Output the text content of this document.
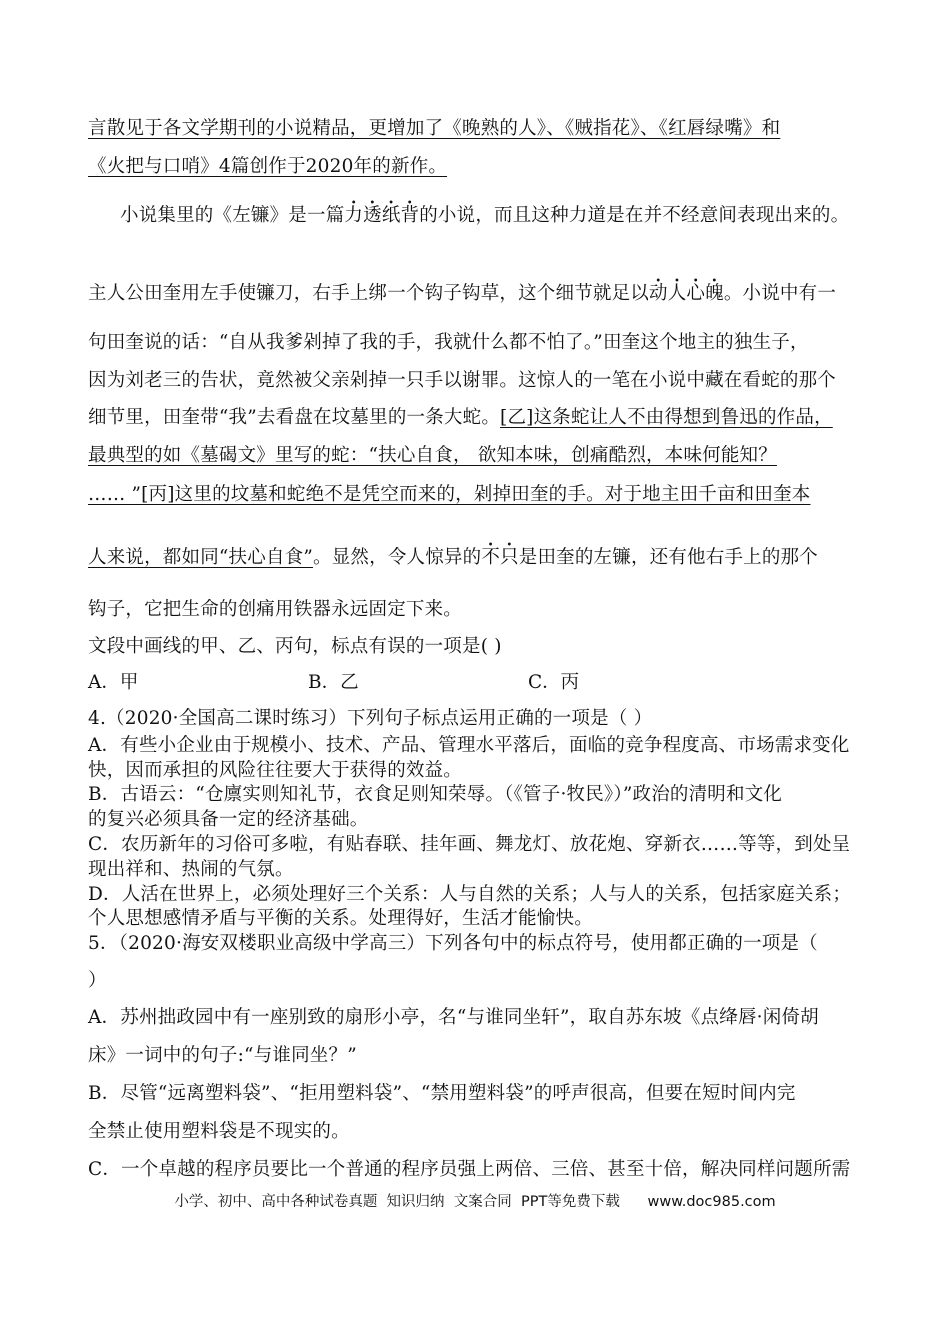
言散见于各文学期刊的小说精品，更增加了《晚熟的人》、《贼指花》、《红唇绿嘴》和
《火把与口哨》4篇创作于2020年的新作。
小说集里的《左镰》是一篇力透纸背的小说，而且这种力道是在并不经意间表现出来的。
主人公田奎用左手使镰刀，右手上绑一个钩子钩草，这个细节就足以动人心魄。小说中有一
句田奎说的话：“自从我爹剁掉了我的手，我就什么都不怕了。”田奎这个地主的独生子，
因为刘老三的告状，竟然被父亲剁掉一只手以谢罪。这惊人的一笔在小说中藏在看蛇的那个
细节里，田奎带“我”去看盘在坟墓里的一条大蛇。[乙]这条蛇让人不由得想到鲁迅的作品，
最典型的如《墓碣文》里写的蛇：“扶心自食， 欲知本味，创痛酷烈，本味何能知？
…… ”[丙]这里的坟墓和蛇绝不是凭空而来的，剁掉田奎的手。对于地主田千亩和田奎本
人来说，都如同“扶心自食”。显然，令人惊异的不只是田奎的左镰，还有他右手上的那个
钩子，它把生命的创痛用铁器永远固定下来。
文段中画线的甲、乙、丙句，标点有误的一项是( )
A．甲	B．乙	C．丙
4.（2020·全国高二课时练习）下列句子标点运用正确的一项是（ ）
A．有些小企业由于规模小、技术、产品、管理水平落后，面临的竞争程度高、市场需求变化
快，因而承担的风险往往要大于获得的效益。
B．古语云：“仓廪实则知礼节，衣食足则知荣辱。（《管子·牧民》）”政治的清明和文化
的复兴必须具备一定的经济基础。
C．农历新年的习俗可多啦，有贴春联、挂年画、舞龙灯、放花炮、穿新衣……等等，到处呈
现出祥和、热闹的气氛。
D．人活在世界上，必须处理好三个关系：人与自然的关系；人与人的关系，包括家庭关系；
个人思想感情矛盾与平衡的关系。处理得好，生活才能愉快。
5．（2020·海安双楼职业高级中学高三）下列各句中的标点符号，使用都正确的一项是（
）
A．苏州拙政园中有一座别致的扇形小亭，名“与谁同坐轩”，取自苏东坡《点绛唇·闲倚胡
床》一词中的句子:“与谁同坐？”
B．尽管“远离塑料袋”、“拒用塑料袋”、“禁用塑料袋”的呼声很高，但要在短时间内完
全禁止使用塑料袋是不现实的。
C．一个卓越的程序员要比一个普通的程序员强上两倍、三倍、甚至十倍，解决同样问题所需
小学、初中、高中各种试卷真题  知识归纳  文案合同  PPT等免费下载      www.doc985.com
